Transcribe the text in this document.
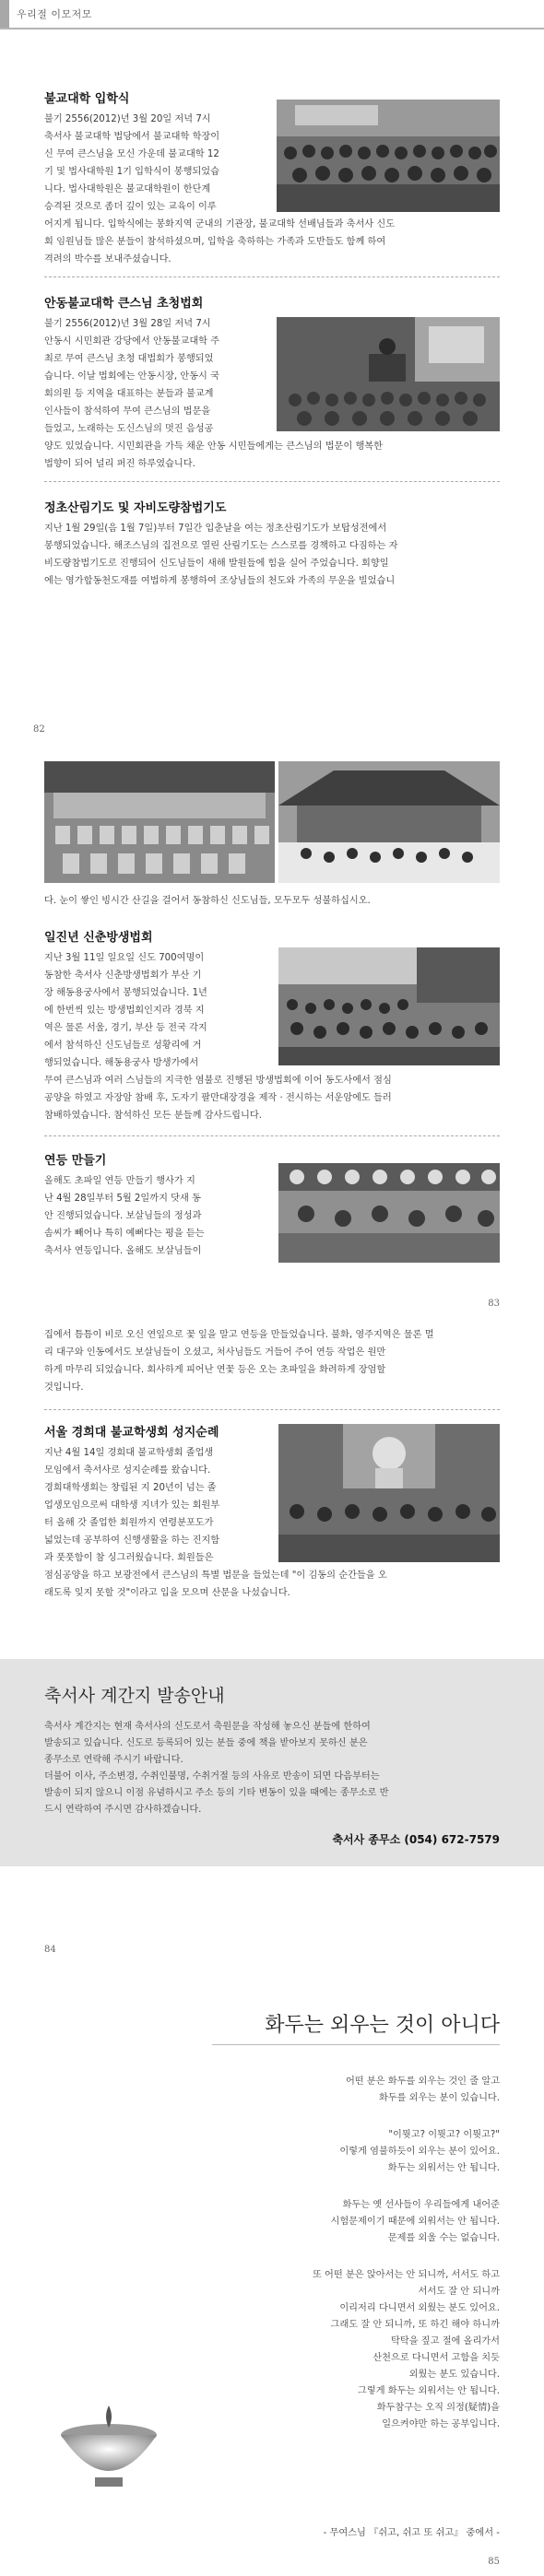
우리절 이모저모
불교대학 입학식
불기 2556(2012)년 3월 20일 저녁 7시
축서사 불교대학 법당에서 불교대학 학장이
신 무여 큰스님을 모신 가운데 불교대학 12
기 및 법사대학원 1기 입학식이 봉행되었습
니다. 법사대학원은 불교대학원이 한단계
승격된 것으로 좀더 깊이 있는 교육이 이루
어지게 됩니다. 입학식에는 봉화지역 군내의 기관장, 불교대학 선배님들과 축서사 신도
회 임원님들 많은 분들이 참석하셨으며, 입학을 축하하는 가족과 도반들도 함께 하여
격려의 박수를 보내주셨습니다.
안동불교대학 큰스님 초청법회
불기 2556(2012)년 3월 28일 저녁 7시
안동시 시민회관 강당에서 안동불교대학 주
최로 무여 큰스님 초청 대법회가 봉행되었
습니다. 이날 법회에는 안동시장, 안동시 국
회의원 등 지역을 대표하는 분들과 불교계
인사들이 참석하여 무여 큰스님의 법문을
들었고, 노래하는 도신스님의 멋진 음성공
양도 있었습니다. 시민회관을 가득 채운 안동 시민들에게는 큰스님의 법문이 행복한
법향이 되어 널리 퍼진 하루였습니다.
정초산림기도 및 자비도량참법기도
지난 1월 29일(음 1월 7일)부터 7일간 입춘날을 여는 정초산림기도가 보탑성전에서
봉행되었습니다. 해조스님의 집전으로 열린 산림기도는 스스로를 경책하고 다짐하는 자
비도량참법기도로 진행되어 신도님들이 새해 발원들에 힘을 실어 주었습니다. 회향일
에는 영가합동천도재를 여법하게 봉행하여 조상님들의 천도와 가족의 무운을 빌었습니
82
다. 눈이 쌓인 빙시간 산길을 걸어서 동참하신 신도님들, 모두모두 성불하십시오.
일진년 신춘방생법회
지난 3월 11일 일요일 신도 700여명이
동참한 축서사 신춘방생법회가 부산 기
장 해동용궁사에서 봉행되었습니다. 1년
에 한번씩 있는 방생법회인지라 경북 지
역은 물론 서울, 경기, 부산 등 전국 각지
에서 참석하신 신도님들로 성황리에 거
행되었습니다. 해동용궁사 방생가에서
무여 큰스님과 여러 스님들의 지극한 염불로 진행된 방생법회에 이어 동도사에서 점심
공양을 하였고 자장암 참배 후, 도자기 팔만대장경을 제작 · 전시하는 서운암에도 들러
참배하였습니다. 참석하신 모든 분들께 감사드립니다.
연등 만들기
올해도 초파일 연등 만들기 행사가 지
난 4월 28일부터 5월 2일까지 닷새 동
안 진행되었습니다. 보살님들의 정성과
솜씨가 빼어나 특히 예뻐다는 평을 듣는
축서사 연등입니다. 올해도 보살님들이
83
집에서 틈틈이 비로 오신 연잎으로 꽃 잎을 말고 연등을 만들었습니다. 불화, 영주지역은 물론 멀
리 대구와 인동에서도 보살님들이 오셨고, 처사님들도 거들어 주어 연등 작업은 원만
하게 마무리 되었습니다. 회사하게 피어난 연꽃 등은 오는 초파일을 화려하게 장엄할
것입니다.
서울 경희대 불교학생회 성지순례
지난 4월 14일 경희대 불교학생회 졸업생
모임에서 축서사로 성지순례를 왔습니다.
경희대학생회는 창립된 지 20년이 넘는 졸
업생모임으로써 대학생 지녀가 있는 회원부
터 올해 갓 졸업한 회원까지 연령분포도가
넓었는데 공부하여 신행생활을 하는 진지함
과 풋풋함이 참 싱그러웠습니다. 회원들은
점심공양을 하고 보광전에서 큰스님의 특별 법문을 들었는데 "이 김동의 순간들을 오
래도록 잊지 못할 것"이라고 입을 모으며 산문을 나섰습니다.
축서사 계간지 발송안내
축서사 계간지는 현재 축서사의 신도로서 축원문을 작성해 놓으신 분들에 한하여
발송되고 있습니다. 신도로 등록되어 있는 분들 중에 책을 받아보지 못하신 분은
종무소로 연락해 주시기 바랍니다.
더불어 이사, 주소변경, 수취인불명, 수취거절 등의 사유로 반송이 되면 다음부터는
발송이 되지 않으니 이점 유념하시고 주소 등의 기타 변동이 있을 때에는 종무소로 반
드시 연락하여 주시면 감사하겠습니다.
축서사 종무소 (054) 672-7579
84
화두는 외우는 것이 아니다
어떤 분은 화두를 외우는 것인 줄 알고
화두를 외우는 분이 있습니다.
"이뭣고? 이뭣고? 이뭣고?"
이렇게 염불하듯이 외우는 분이 있어요.
화두는 외워서는 안 됩니다.
화두는 옛 선사들이 우리들에게 내어준
시험문제이기 때문에 외워서는 안 됩니다.
문제를 외울 수는 없습니다.
또 어떤 분은 앉아서는 안 되니까, 서서도 하고
서서도 잘 안 되니까
이리저리 다니면서 외웠는 분도 있어요.
그래도 잘 안 되니까, 또 하긴 해야 하니까
탁탁을 짚고 절에 올리가서
산천으로 다니면서 고함을 치듯
외웠는 분도 있습니다.
그렇게 화두는 외워서는 안 됩니다.
화두참구는 오직 의정(疑情)을
일으켜야만 하는 공부입니다.
- 무여스님 『쉬고, 쉬고 또 쉬고』 중에서 -
85
